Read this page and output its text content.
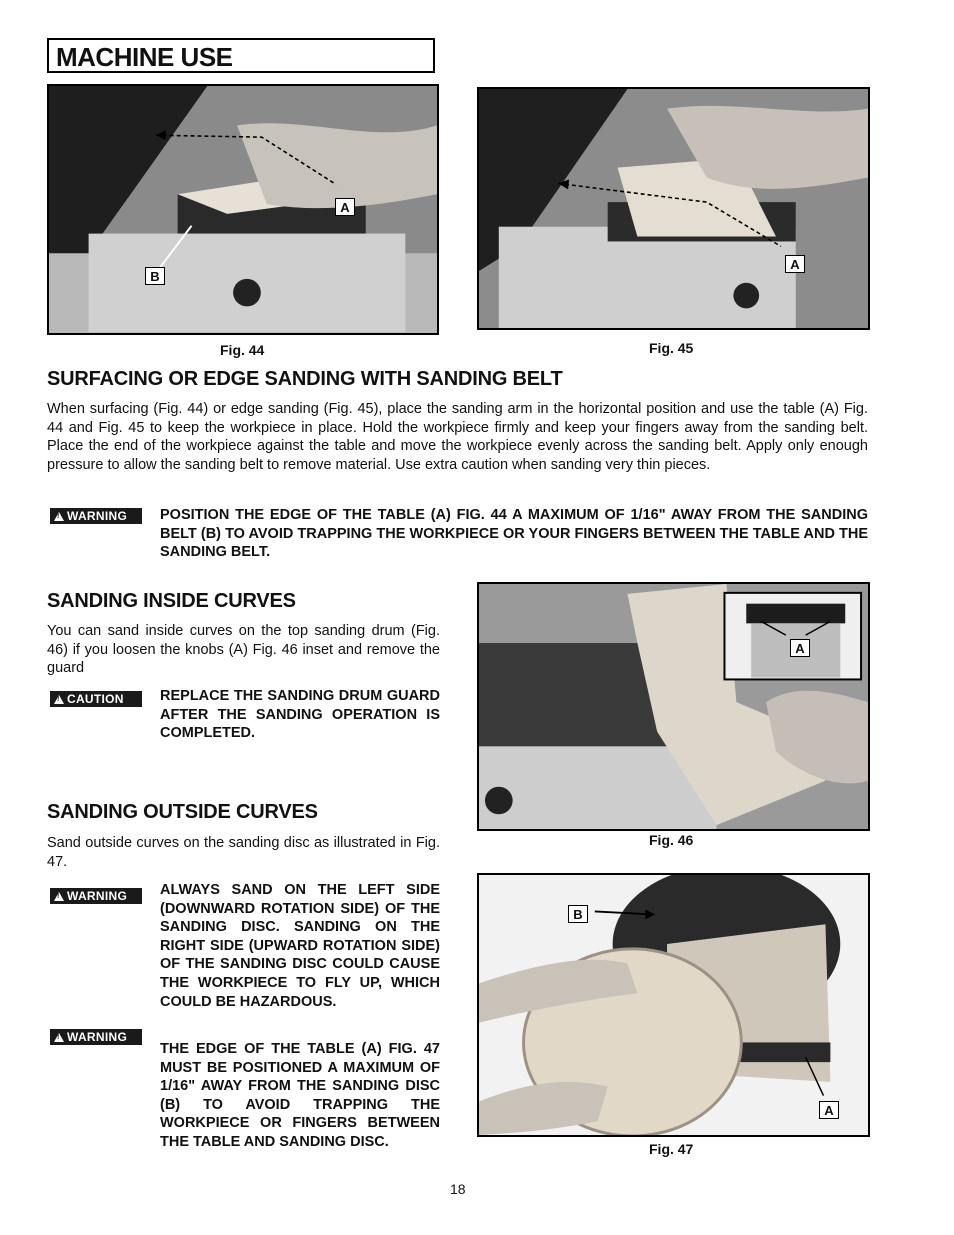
MACHINE USE
A
B
Fig. 44
A
Fig. 45
SURFACING OR EDGE SANDING WITH SANDING BELT

When surfacing (Fig. 44) or edge sanding (Fig. 45), place the sanding arm in the horizontal position and use the table (A) Fig. 44 and Fig. 45 to keep the workpiece in place. Hold the workpiece firmly and keep your fingers away from the sanding belt. Place the end of the workpiece against the table and move the workpiece evenly across the sanding belt. Apply only enough pressure to allow the sanding belt to remove material. Use extra caution when sanding very thin pieces.

!WARNING	POSITION THE EDGE OF THE TABLE (A) FIG. 44 A MAXIMUM OF 1/16" AWAY FROM THE SANDING BELT (B) TO AVOID TRAPPING THE WORKPIECE OR YOUR FINGERS BETWEEN THE TABLE AND THE SANDING BELT.

SANDING INSIDE CURVES

You can sand inside curves on the top sanding drum (Fig. 46) if you loosen the knobs (A) Fig. 46 inset and remove the guard

!CAUTION	REPLACE THE SANDING DRUM GUARD AFTER THE SANDING OPERATION IS COMPLETED.

A
Fig. 46
SANDING OUTSIDE CURVES

Sand outside curves on the sanding disc as illustrated in Fig. 47.

!WARNING	ALWAYS SAND ON THE LEFT SIDE (DOWNWARD ROTATION SIDE) OF THE SANDING DISC. SANDING ON THE RIGHT SIDE (UPWARD ROTATION SIDE) OF THE SANDING DISC COULD CAUSE THE WORKPIECE TO FLY UP, WHICH COULD BE HAZARDOUS.

!WARNING

THE EDGE OF THE TABLE (A) FIG. 47 MUST BE POSITIONED A MAXIMUM OF 1/16" AWAY FROM THE SANDING DISC (B) TO AVOID TRAPPING THE WORKPIECE OR FINGERS BETWEEN THE TABLE AND SANDING DISC.

B
A
Fig. 47
18
